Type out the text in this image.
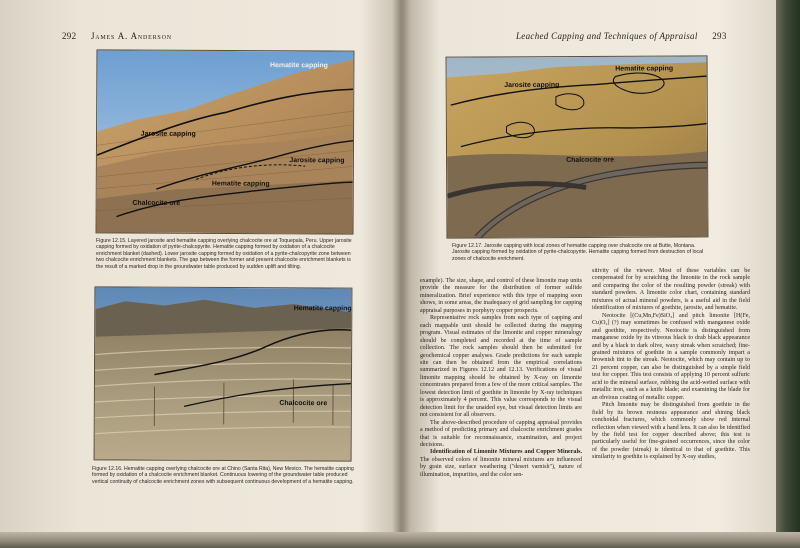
292 James A. Anderson
Hematite capping
Jarosite capping
Jarosite capping
Hematite capping
Chalcocite ore
Figure 12.15. Layered jarosite and hematite capping overlying chalcocite ore at Toquepala, Peru. Upper jarosite capping formed by oxidation of pyrite-chalcopyrite. Hematite capping formed by oxidation of a chalcocite enrichment blanket (dashed). Lower jarosite capping formed by oxidation of a pyrite-chalcopyrite zone between two chalcocite enrichment blankets. The gap between the former and present chalcocite enrichment blankets is the result of a marked drop in the groundwater table produced by sudden uplift and tilting.
Hematite capping
Chalcocite ore
Figure 12.16. Hematite capping overlying chalcocite ore at Chino (Santa Rita), New Mexico. The hematite capping formed by oxidation of a chalcocite enrichment blanket. Continuous lowering of the groundwater table produced vertical continuity of chalcocite enrichment zones with subsequent continuous development of a hematite capping.
Leached Capping and Techniques of Appraisal 293
Hematite capping
Jarosite capping
Chalcocite ore
Figure 12.17. Jarosite capping with local zones of hematite capping over chalcocite ore at Butte, Montana. Jarosite capping formed by oxidation of pyrite-chalcopyrite. Hematite capping formed from destruction of local zones of chalcocite enrichment.

example). The size, shape, and control of these limonite map units provide the measure for the distribution of former sulfide mineralization. Brief experience with this type of mapping soon shows, in some areas, the inadequacy of grid sampling for capping appraisal purposes in porphyry copper prospects.

Representative rock samples from each type of capping and each mappable unit should be collected during the mapping program. Visual estimates of the limonite and copper mineralogy should be completed and recorded at the time of sample collection. The rock samples should then be submitted for geochemical copper analyses. Grade predictions for each sample site can then be obtained from the empirical correlations summarized in Figures 12.12 and 12.13. Verifications of visual limonite mapping should be obtained by X-ray on limonite concentrates prepared from a few of the more critical samples. The lowest detection limit of goethite in limonite by X-ray techniques is approximately 4 percent. This value corresponds to the visual detection limit for the unaided eye, but visual detection limits are not consistent for all observers.

The above-described procedure of capping appraisal provides a method of predicting primary and chalcocite enrichment grades that is suitable for reconnaissance, examination, and project decisions.

Identification of Limonite Mixtures and Copper Minerals. The observed colors of limonite mineral mixtures are influenced by grain size, surface weathering ("desert varnish"), nature of illumination, impurities, and the color sen-

sitivity of the viewer. Most of these variables can be compensated for by scratching the limonite in the rock sample and comparing the color of the resulting powder (streak) with standard powders. A limonite color chart, containing standard mixtures of actual mineral powders, is a useful aid in the field identification of mixtures of goethite, jarosite, and hematite.

Neotocite [(Cu,Mn,Fe)SiO₃] and pitch limonite [H(Fe, Cu)O₂] (?) may sometimes be confused with manganese oxide and goethite, respectively. Neotocite is distinguished from manganese oxide by its vitreous black to drab black appearance and by a black to dark olive, waxy streak when scratched; fine-grained mixtures of goethite in a sample commonly impart a brownish tint to the streak. Neotocite, which may contain up to 21 percent copper, can also be distinguished by a simple field test for copper. This test consists of applying 10 percent sulfuric acid to the mineral surface, rubbing the acid-wetted surface with metallic iron, such as a knife blade; and examining the blade for an obvious coating of metallic copper.

Pitch limonite may be distinguished from goethite in the field by its brown resinous appearance and shining black conchoidal fractures, which commonly show red internal reflection when viewed with a hand lens. It can also be identified by the field test for copper described above; this test is particularly useful for fine-grained occurrences, since the color of the powder (streak) is identical to that of goethite. This similarity to goethite is explained by X-ray studies,
